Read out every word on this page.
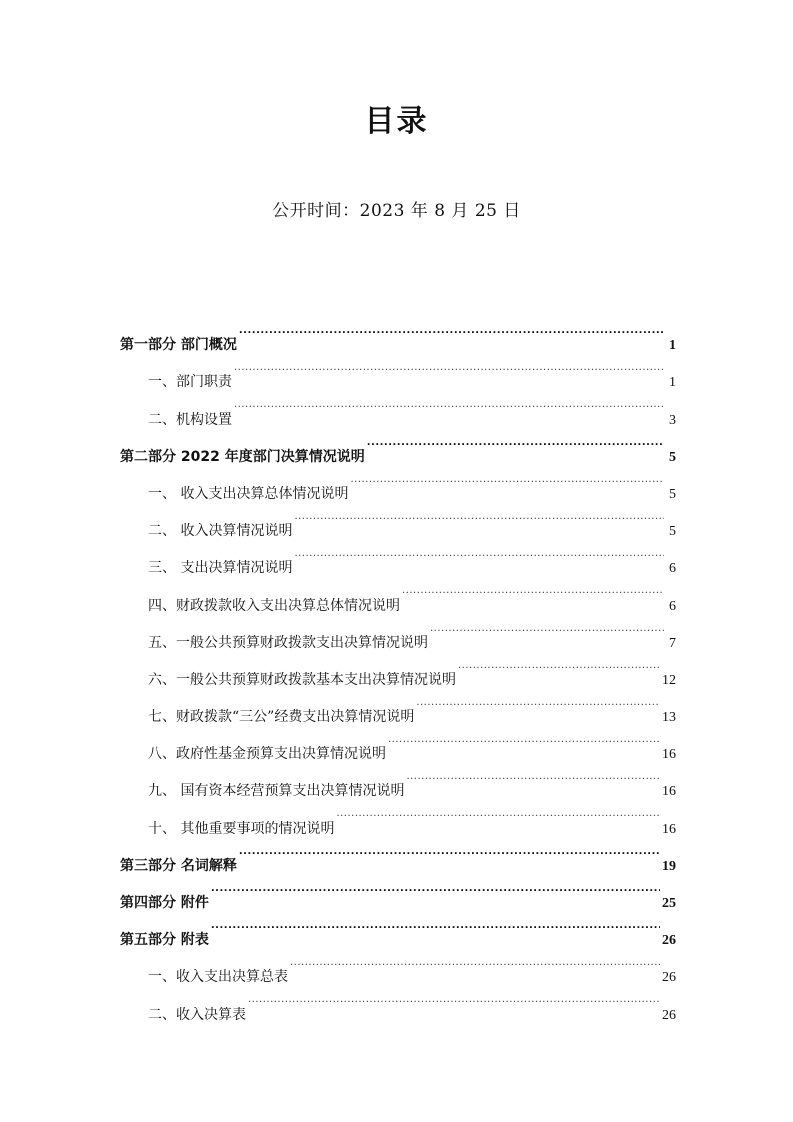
目录
公开时间：2023 年 8 月 25 日
第一部分 部门概况 .....	1
一、部门职责 .....	1
二、机构设置 .....	3
第二部分 2022 年度部门决算情况说明 .....	5
一、 收入支出决算总体情况说明 .....	5
二、 收入决算情况说明 .....	5
三、 支出决算情况说明 .....	6
四、财政拨款收入支出决算总体情况说明 .....	6
五、一般公共预算财政拨款支出决算情况说明 .....	7
六、一般公共预算财政拨款基本支出决算情况说明 .....	12
七、财政拨款“三公”经费支出决算情况说明 .....	13
八、政府性基金预算支出决算情况说明 .....	16
九、 国有资本经营预算支出决算情况说明 .....	16
十、 其他重要事项的情况说明 .....	16
第三部分 名词解释 .....	19
第四部分 附件 .....	25
第五部分 附表 .....	26
一、收入支出决算总表 .....	26
二、收入决算表 .....	26
